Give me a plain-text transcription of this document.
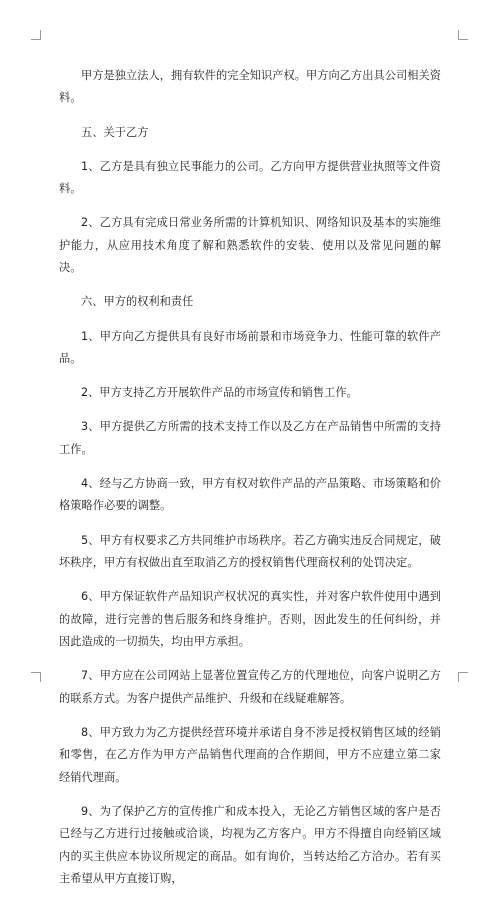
甲方是独立法人，拥有软件的完全知识产权。甲方向乙方出具公司相关资料。

五、关于乙方

1、乙方是具有独立民事能力的公司。乙方向甲方提供营业执照等文件资料。

2、乙方具有完成日常业务所需的计算机知识、网络知识及基本的实施维护能力，从应用技术角度了解和熟悉软件的安装、使用以及常见问题的解决。

六、甲方的权利和责任

1、甲方向乙方提供具有良好市场前景和市场竞争力、性能可靠的软件产品。

2、甲方支持乙方开展软件产品的市场宣传和销售工作。

3、甲方提供乙方所需的技术支持工作以及乙方在产品销售中所需的支持工作。

4、经与乙方协商一致，甲方有权对软件产品的产品策略、市场策略和价格策略作必要的调整。

5、甲方有权要求乙方共同维护市场秩序。若乙方确实违反合同规定，破坏秩序，甲方有权做出直至取消乙方的授权销售代理商权利的处罚决定。

6、甲方保证软件产品知识产权状况的真实性，并对客户软件使用中遇到的故障，进行完善的售后服务和终身维护。否则，因此发生的任何纠纷，并因此造成的一切损失，均由甲方承担。

7、甲方应在公司网站上显著位置宣传乙方的代理地位，向客户说明乙方的联系方式。为客户提供产品维护、升级和在线疑难解答。

8、甲方致力为乙方提供经营环境并承诺自身不涉足授权销售区域的经销和零售，在乙方作为甲方产品销售代理商的合作期间，甲方不应建立第二家经销代理商。

9、为了保护乙方的宣传推广和成本投入，无论乙方销售区域的客户是否已经与乙方进行过接触或洽谈，均视为乙方客户。甲方不得擅自向经销区域内的买主供应本协议所规定的商品。如有询价，当转达给乙方洽办。若有买主希望从甲方直接订购，
